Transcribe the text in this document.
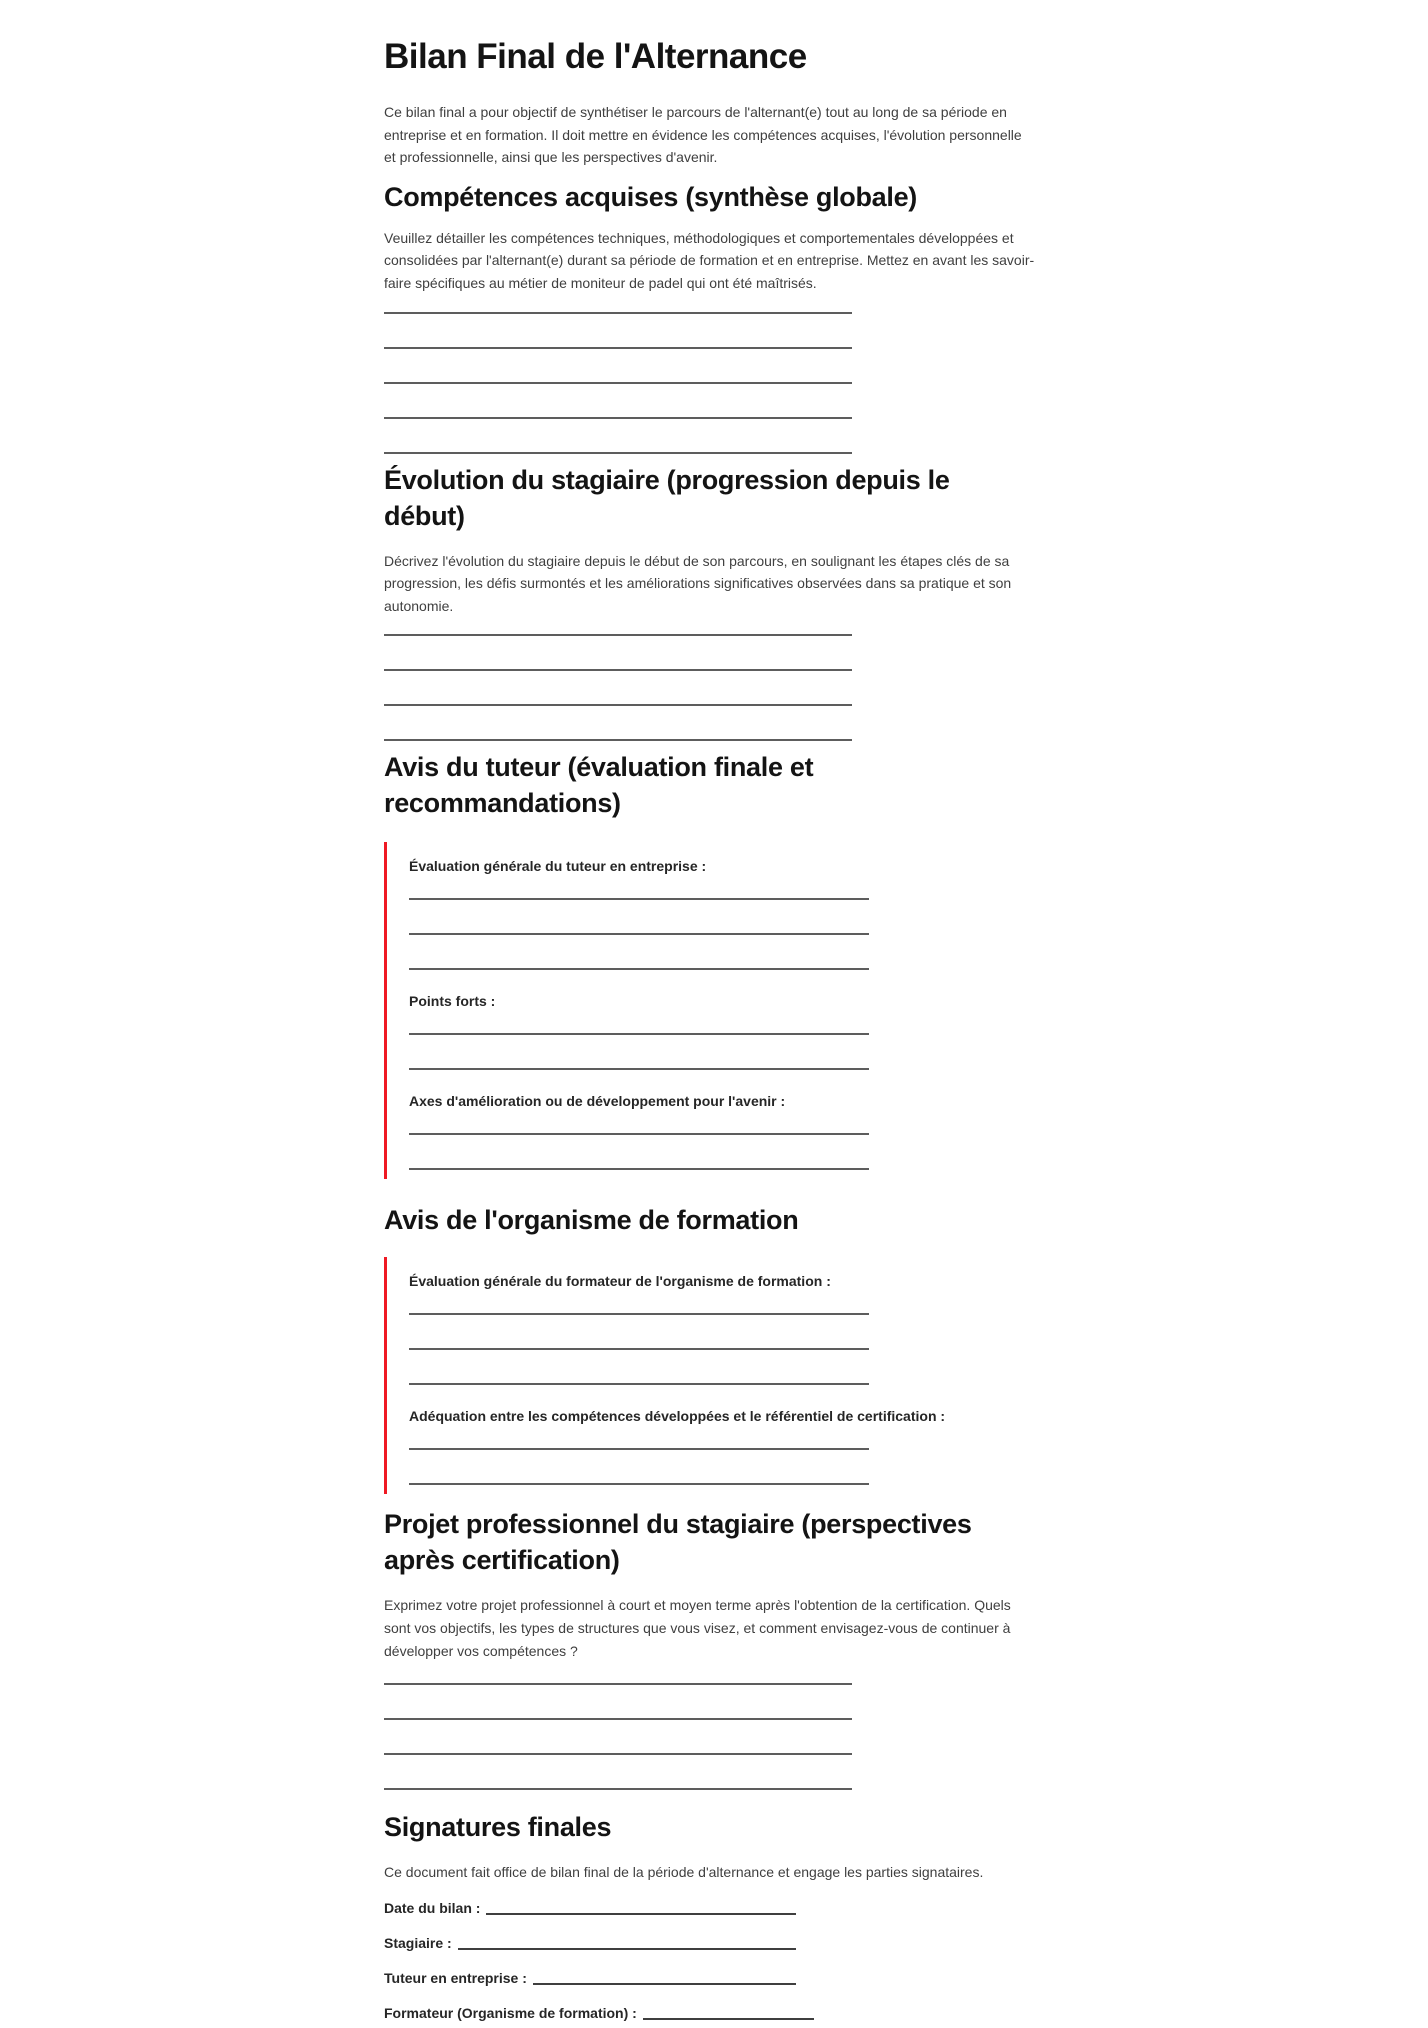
Bilan Final de l'Alternance

Ce bilan final a pour objectif de synthétiser le parcours de l'alternant(e) tout au long de sa période en entreprise et en formation. Il doit mettre en évidence les compétences acquises, l'évolution personnelle et professionnelle, ainsi que les perspectives d'avenir.

Compétences acquises (synthèse globale)

Veuillez détailler les compétences techniques, méthodologiques et comportementales développées et consolidées par l'alternant(e) durant sa période de formation et en entreprise. Mettez en avant les savoir-faire spécifiques au métier de moniteur de padel qui ont été maîtrisés.

Évolution du stagiaire (progression depuis le début)

Décrivez l'évolution du stagiaire depuis le début de son parcours, en soulignant les étapes clés de sa progression, les défis surmontés et les améliorations significatives observées dans sa pratique et son autonomie.

Avis du tuteur (évaluation finale et recommandations)

Évaluation générale du tuteur en entreprise :

Points forts :

Axes d'amélioration ou de développement pour l'avenir :

Avis de l'organisme de formation

Évaluation générale du formateur de l'organisme de formation :

Adéquation entre les compétences développées et le référentiel de certification :

Projet professionnel du stagiaire (perspectives après certification)

Exprimez votre projet professionnel à court et moyen terme après l'obtention de la certification. Quels sont vos objectifs, les types de structures que vous visez, et comment envisagez-vous de continuer à développer vos compétences ?

Signatures finales

Ce document fait office de bilan final de la période d'alternance et engage les parties signataires.

Date du bilan :
Stagiaire :
Tuteur en entreprise :
Formateur (Organisme de formation) :
